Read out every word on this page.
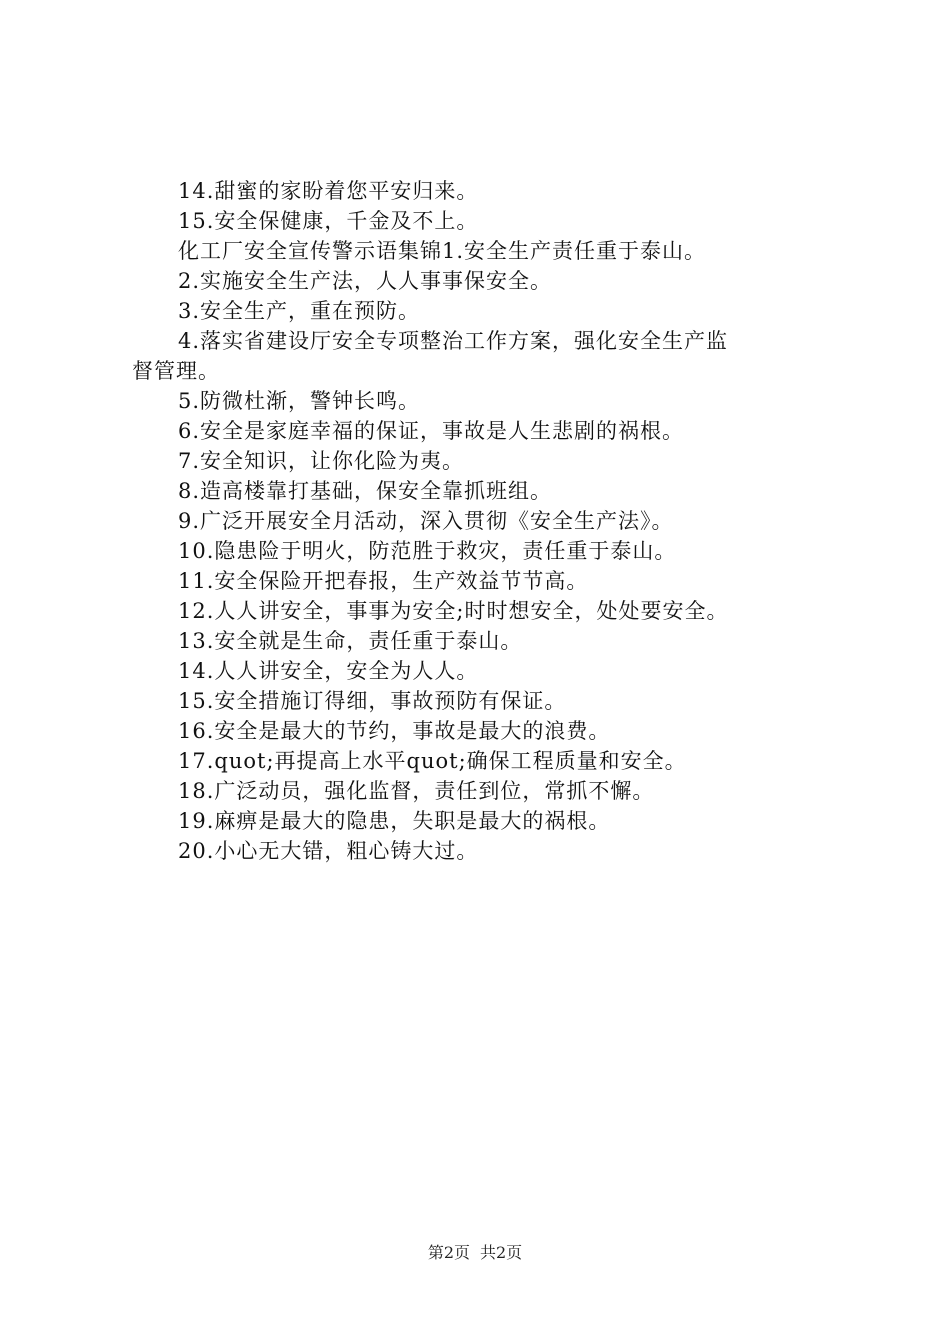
14.甜蜜的家盼着您平安归来。
15.安全保健康，千金及不上。
化工厂安全宣传警示语集锦1.安全生产责任重于泰山。
2.实施安全生产法，人人事事保安全。
3.安全生产，重在预防。
4.落实省建设厅安全专项整治工作方案，强化安全生产监
督管理。
5.防微杜渐，警钟长鸣。
6.安全是家庭幸福的保证，事故是人生悲剧的祸根。
7.安全知识，让你化险为夷。
8.造高楼靠打基础，保安全靠抓班组。
9.广泛开展安全月活动，深入贯彻《安全生产法》。
10.隐患险于明火，防范胜于救灾，责任重于泰山。
11.安全保险开把春报，生产效益节节高。
12.人人讲安全，事事为安全;时时想安全，处处要安全。
13.安全就是生命，责任重于泰山。
14.人人讲安全，安全为人人。
15.安全措施订得细，事故预防有保证。
16.安全是最大的节约，事故是最大的浪费。
17.quot;再提高上水平quot;确保工程质量和安全。
18.广泛动员，强化监督，责任到位，常抓不懈。
19.麻痹是最大的隐患，失职是最大的祸根。
20.小心无大错，粗心铸大过。
第2页 共2页
